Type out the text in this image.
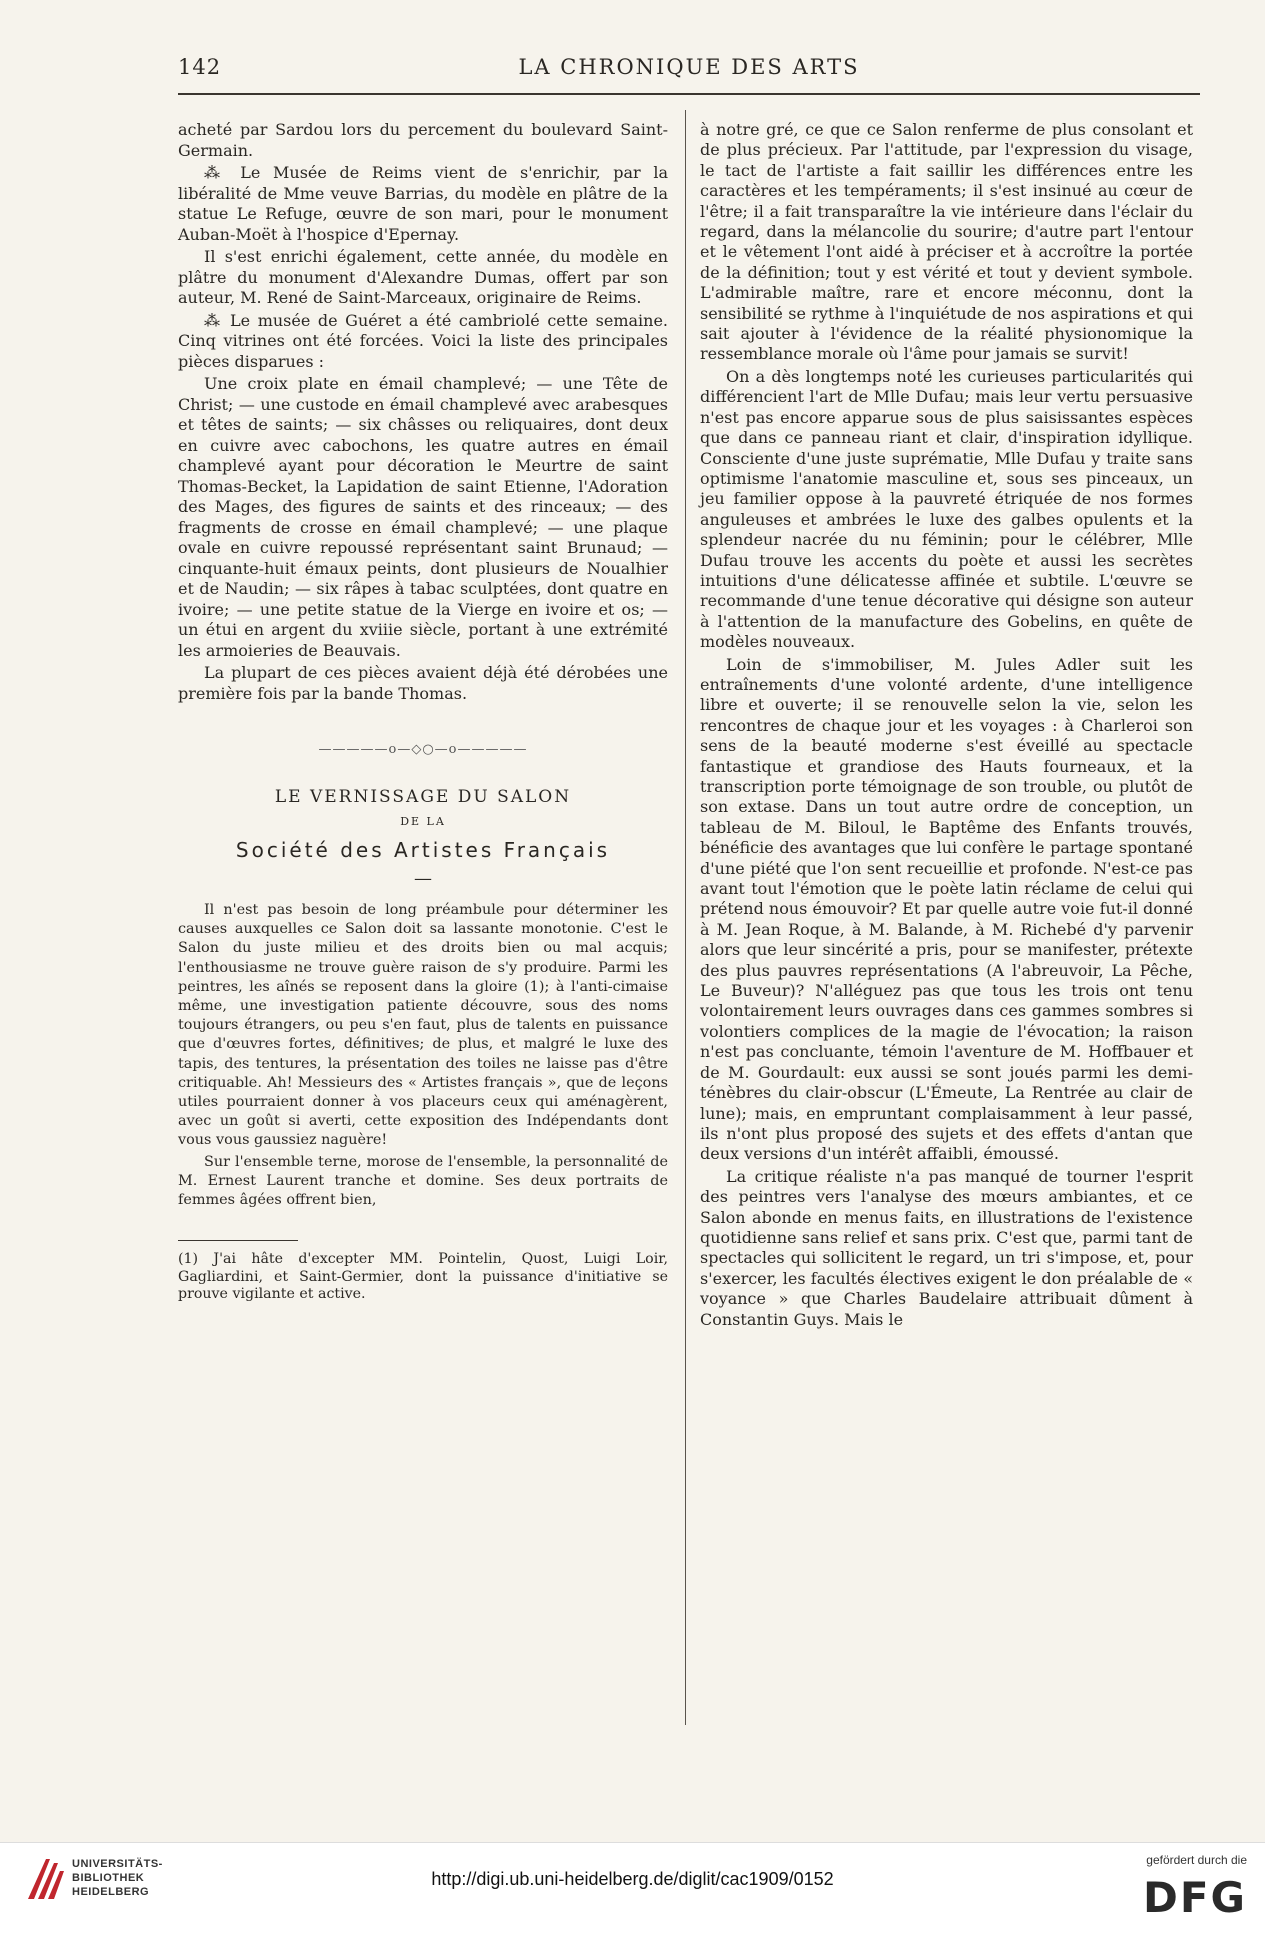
142	LA CHRONIQUE DES ARTS

acheté par Sardou lors du percement du boulevard Saint-Germain.

⁂ Le Musée de Reims vient de s'enrichir, par la libéralité de Mme veuve Barrias, du modèle en plâtre de la statue Le Refuge, œuvre de son mari, pour le monument Auban-Moët à l'hospice d'Epernay.

Il s'est enrichi également, cette année, du modèle en plâtre du monument d'Alexandre Dumas, offert par son auteur, M. René de Saint-Marceaux, originaire de Reims.

⁂ Le musée de Guéret a été cambriolé cette semaine. Cinq vitrines ont été forcées. Voici la liste des principales pièces disparues :

Une croix plate en émail champlevé; — une Tête de Christ; — une custode en émail champlevé avec arabesques et têtes de saints; — six châsses ou reliquaires, dont deux en cuivre avec cabochons, les quatre autres en émail champlevé ayant pour décoration le Meurtre de saint Thomas-Becket, la Lapidation de saint Etienne, l'Adoration des Mages, des figures de saints et des rinceaux; — des fragments de crosse en émail champlevé; — une plaque ovale en cuivre repoussé représentant saint Brunaud; — cinquante-huit émaux peints, dont plusieurs de Noualhier et de Naudin; — six râpes à tabac sculptées, dont quatre en ivoire; — une petite statue de la Vierge en ivoire et os; — un étui en argent du xviiie siècle, portant à une extrémité les armoieries de Beauvais.

La plupart de ces pièces avaient déjà été dérobées une première fois par la bande Thomas.

—————o—◇○—o—————
LE VERNISSAGE DU SALON
DE LA
Société des Artistes Français
—

Il n'est pas besoin de long préambule pour déterminer les causes auxquelles ce Salon doit sa lassante monotonie. C'est le Salon du juste milieu et des droits bien ou mal acquis; l'enthousiasme ne trouve guère raison de s'y produire. Parmi les peintres, les aînés se reposent dans la gloire (1); à l'anti-cimaise même, une investigation patiente découvre, sous des noms toujours étrangers, ou peu s'en faut, plus de talents en puissance que d'œuvres fortes, définitives; de plus, et malgré le luxe des tapis, des tentures, la présentation des toiles ne laisse pas d'être critiquable. Ah! Messieurs des « Artistes français », que de leçons utiles pourraient donner à vos placeurs ceux qui aménagèrent, avec un goût si averti, cette exposition des Indépendants dont vous vous gaussiez naguère!

Sur l'ensemble terne, morose de l'ensemble, la personnalité de M. Ernest Laurent tranche et domine. Ses deux portraits de femmes âgées offrent bien,

(1) J'ai hâte d'excepter MM. Pointelin, Quost, Luigi Loir, Gagliardini, et Saint-Germier, dont la puissance d'initiative se prouve vigilante et active.

à notre gré, ce que ce Salon renferme de plus consolant et de plus précieux. Par l'attitude, par l'expression du visage, le tact de l'artiste a fait saillir les différences entre les caractères et les tempéraments; il s'est insinué au cœur de l'être; il a fait transparaître la vie intérieure dans l'éclair du regard, dans la mélancolie du sourire; d'autre part l'entour et le vêtement l'ont aidé à préciser et à accroître la portée de la définition; tout y est vérité et tout y devient symbole. L'admirable maître, rare et encore méconnu, dont la sensibilité se rythme à l'inquiétude de nos aspirations et qui sait ajouter à l'évidence de la réalité physionomique la ressemblance morale où l'âme pour jamais se survit!

On a dès longtemps noté les curieuses particularités qui différencient l'art de Mlle Dufau; mais leur vertu persuasive n'est pas encore apparue sous de plus saisissantes espèces que dans ce panneau riant et clair, d'inspiration idyllique. Consciente d'une juste suprématie, Mlle Dufau y traite sans optimisme l'anatomie masculine et, sous ses pinceaux, un jeu familier oppose à la pauvreté étriquée de nos formes anguleuses et ambrées le luxe des galbes opulents et la splendeur nacrée du nu féminin; pour le célébrer, Mlle Dufau trouve les accents du poète et aussi les secrètes intuitions d'une délicatesse affinée et subtile. L'œuvre se recommande d'une tenue décorative qui désigne son auteur à l'attention de la manufacture des Gobelins, en quête de modèles nouveaux.

Loin de s'immobiliser, M. Jules Adler suit les entraînements d'une volonté ardente, d'une intelligence libre et ouverte; il se renouvelle selon la vie, selon les rencontres de chaque jour et les voyages : à Charleroi son sens de la beauté moderne s'est éveillé au spectacle fantastique et grandiose des Hauts fourneaux, et la transcription porte témoignage de son trouble, ou plutôt de son extase. Dans un tout autre ordre de conception, un tableau de M. Biloul, le Baptême des Enfants trouvés, bénéficie des avantages que lui confère le partage spontané d'une piété que l'on sent recueillie et profonde. N'est-ce pas avant tout l'émotion que le poète latin réclame de celui qui prétend nous émouvoir? Et par quelle autre voie fut-il donné à M. Jean Roque, à M. Balande, à M. Richebé d'y parvenir alors que leur sincérité a pris, pour se manifester, prétexte des plus pauvres représentations (A l'abreuvoir, La Pêche, Le Buveur)? N'alléguez pas que tous les trois ont tenu volontairement leurs ouvrages dans ces gammes sombres si volontiers complices de la magie de l'évocation; la raison n'est pas concluante, témoin l'aventure de M. Hoffbauer et de M. Gourdault: eux aussi se sont joués parmi les demi-ténèbres du clair-obscur (L'Émeute, La Rentrée au clair de lune); mais, en empruntant complaisamment à leur passé, ils n'ont plus proposé des sujets et des effets d'antan que deux versions d'un intérêt affaibli, émoussé.

La critique réaliste n'a pas manqué de tourner l'esprit des peintres vers l'analyse des mœurs ambiantes, et ce Salon abonde en menus faits, en illustrations de l'existence quotidienne sans relief et sans prix. C'est que, parmi tant de spectacles qui sollicitent le regard, un tri s'impose, et, pour s'exercer, les facultés électives exigent le don préalable de « voyance » que Charles Baudelaire attribuait dûment à Constantin Guys. Mais le

UNIVERSITÄTS-
BIBLIOTHEK
HEIDELBERG
http://digi.ub.uni-heidelberg.de/diglit/cac1909/0152
gefördert durch die
DFG
